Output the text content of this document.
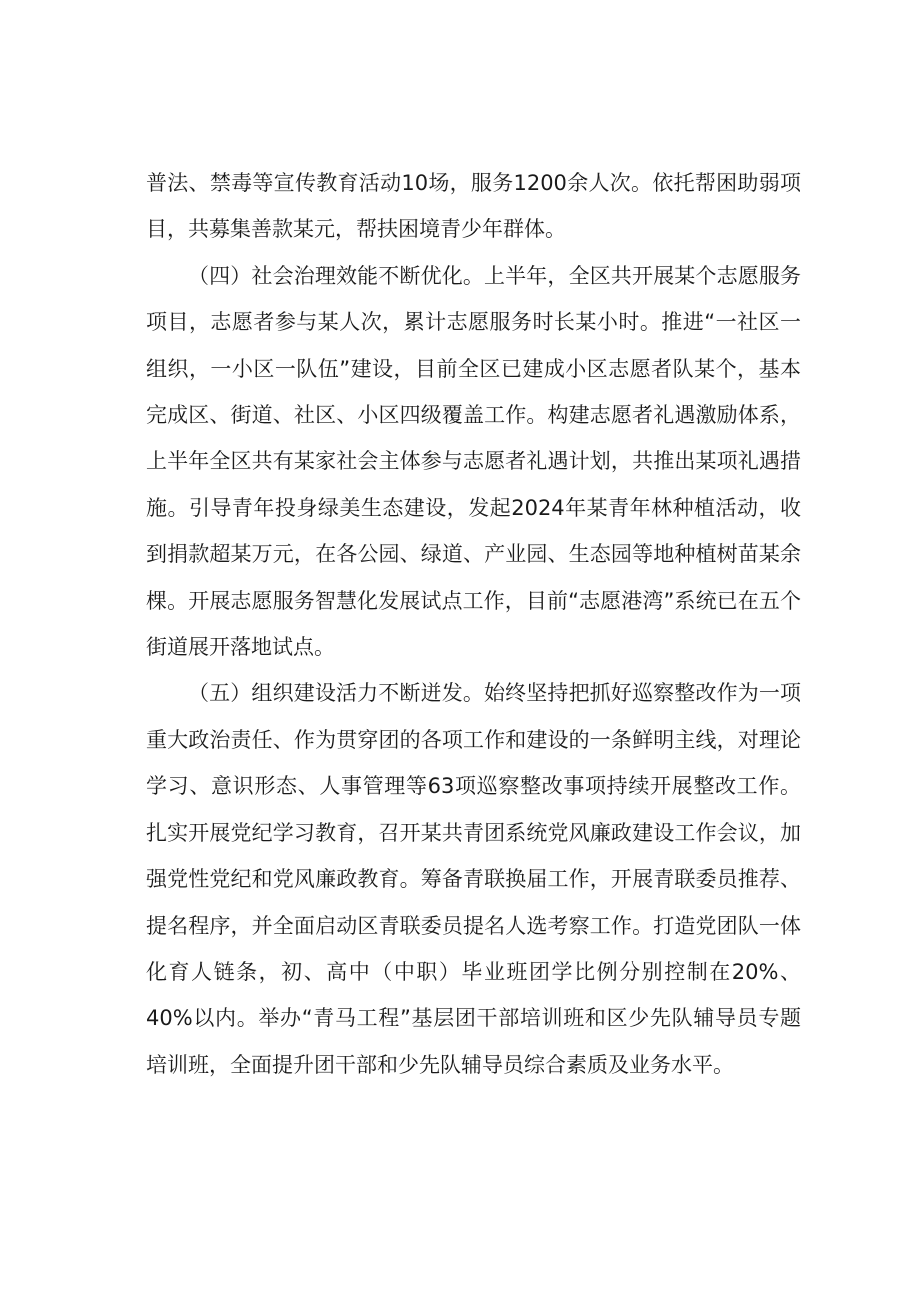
普法、禁毒等宣传教育活动10场，服务1200余人次。依托帮困助弱项目，共募集善款某元，帮扶困境青少年群体。

（四）社会治理效能不断优化。上半年，全区共开展某个志愿服务项目，志愿者参与某人次，累计志愿服务时长某小时。推进“一社区一组织，一小区一队伍”建设，目前全区已建成小区志愿者队某个，基本完成区、街道、社区、小区四级覆盖工作。构建志愿者礼遇激励体系，上半年全区共有某家社会主体参与志愿者礼遇计划，共推出某项礼遇措施。引导青年投身绿美生态建设，发起2024年某青年林种植活动，收到捐款超某万元，在各公园、绿道、产业园、生态园等地种植树苗某余棵。开展志愿服务智慧化发展试点工作，目前“志愿港湾”系统已在五个街道展开落地试点。

（五）组织建设活力不断迸发。始终坚持把抓好巡察整改作为一项重大政治责任、作为贯穿团的各项工作和建设的一条鲜明主线，对理论学习、意识形态、人事管理等63项巡察整改事项持续开展整改工作。扎实开展党纪学习教育，召开某共青团系统党风廉政建设工作会议，加强党性党纪和党风廉政教育。筹备青联换届工作，开展青联委员推荐、提名程序，并全面启动区青联委员提名人选考察工作。打造党团队一体化育人链条，初、高中（中职）毕业班团学比例分别控制在20%、40%以内。举办“青马工程”基层团干部培训班和区少先队辅导员专题培训班，全面提升团干部和少先队辅导员综合素质及业务水平。
